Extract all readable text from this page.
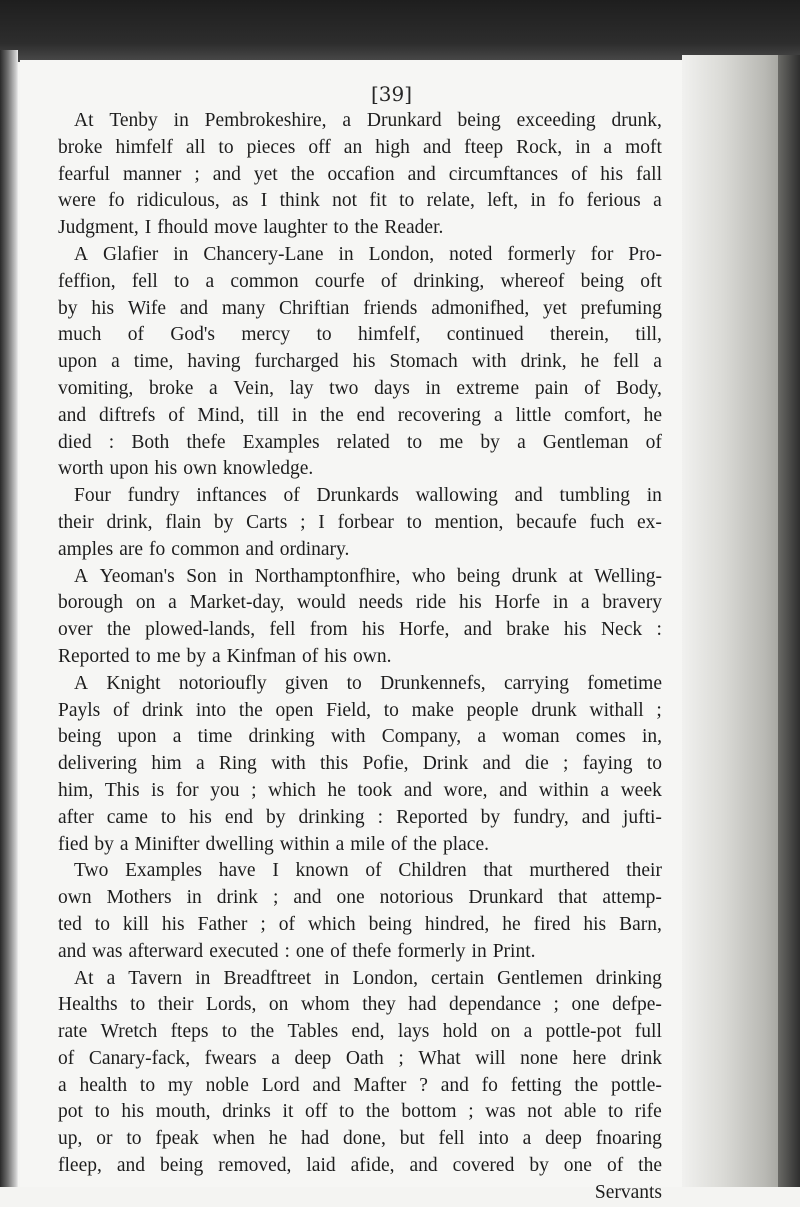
[39]
At Tenby in Pembrokeshire, a Drunkard being exceeding drunk,
broke himfelf all to pieces off an high and fteep Rock, in a moft
fearful manner ; and yet the occafion and circumftances of his fall
were fo ridiculous, as I think not fit to relate, left, in fo ferious a
Judgment, I fhould move laughter to the Reader.
A Glafier in Chancery-Lane in London, noted formerly for Pro-
feffion, fell to a common courfe of drinking, whereof being oft
by his Wife and many Chriftian friends admonifhed, yet prefuming
much of God's mercy to himfelf, continued therein, till,
upon a time, having furcharged his Stomach with drink, he fell a
vomiting, broke a Vein, lay two days in extreme pain of Body,
and diftrefs of Mind, till in the end recovering a little comfort, he
died : Both thefe Examples related to me by a Gentleman of
worth upon his own knowledge.
Four fundry inftances of Drunkards wallowing and tumbling in
their drink, flain by Carts ; I forbear to mention, becaufe fuch ex-
amples are fo common and ordinary.
A Yeoman's Son in Northamptonfhire, who being drunk at Welling-
borough on a Market-day, would needs ride his Horfe in a bravery
over the plowed-lands, fell from his Horfe, and brake his Neck :
Reported to me by a Kinfman of his own.
A Knight notorioufly given to Drunkennefs, carrying fometime
Payls of drink into the open Field, to make people drunk withall ;
being upon a time drinking with Company, a woman comes in,
delivering him a Ring with this Pofie, Drink and die ; faying to
him, This is for you ; which he took and wore, and within a week
after came to his end by drinking : Reported by fundry, and jufti-
fied by a Minifter dwelling within a mile of the place.
Two Examples have I known of Children that murthered their
own Mothers in drink ; and one notorious Drunkard that attemp-
ted to kill his Father ; of which being hindred, he fired his Barn,
and was afterward executed : one of thefe formerly in Print.
At a Tavern in Breadftreet in London, certain Gentlemen drinking
Healths to their Lords, on whom they had dependance ; one defpe-
rate Wretch fteps to the Tables end, lays hold on a pottle-pot full
of Canary-fack, fwears a deep Oath ; What will none here drink
a health to my noble Lord and Mafter ? and fo fetting the pottle-
pot to his mouth, drinks it off to the bottom ; was not able to rife
up, or to fpeak when he had done, but fell into a deep fnoaring
fleep, and being removed, laid afide, and covered by one of the
Servants
